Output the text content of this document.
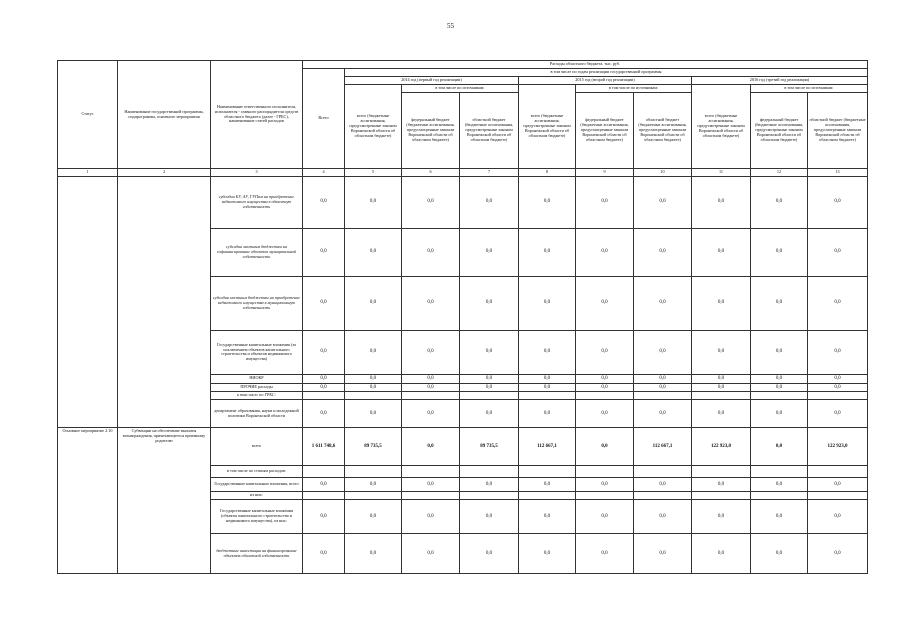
55
Статус	Наименование государственной программы, подпрограммы, основного мероприятия	Наименование ответственного исполнителя, исполнителя - главного распорядителя средств областного бюджета (далее - ГРБС), наименование статей расходов	Расходы областного бюджета, тыс. руб.									
			Всего	в том числе по годам реализации государственной программы								
				2014 год (первый год реализации)			2015 год (второй год реализации)			2016 год (третий год реализации)		
				всего (бюджетные ассигнования, предусмотренные законом Воронежской области об областном бюджете)	в том числе по источникам:		всего (бюджетные ассигнования, предусмотренные законом Воронежской области об областном бюджете)	в том числе по источникам:		всего (бюджетные ассигнования, предусмотренные законом Воронежской области об областном бюджете)	в том числе по источникам:	
					федеральный бюджет (бюджетные ассигнования, предусмотренные законом Воронежской области об областном бюджете)	областной бюджет (бюджетные ассигнования, предусмотренные законом Воронежской области об областном бюджете)		федеральный бюджет (бюджетные ассигнования, предусмотренные законом Воронежской области об областном бюджете)	областной бюджет (бюджетные ассигнования, предусмотренные законом Воронежской области об областном бюджете)		федеральный бюджет (бюджетные ассигнования, предусмотренные законом Воронежской области об областном бюджете)	областной бюджет (бюджетные ассигнования, предусмотренные законом Воронежской области об областном бюджете)
1	2	3	4	5	6	7	8	9	10	11	12	13
		субсидии БУ, АУ, ГУПам на приобретение недвижимого имущества в областную собственность	0,0	0,0	0,0	0,0	0,0	0,0	0,0	0,0	0,0	0,0
		субсидии местным бюджетам на софинансирование объектов муниципальной собственности	0,0	0,0	0,0	0,0	0,0	0,0	0,0	0,0	0,0	0,0
		субсидии местным бюджетам на приобретение недвижимого имущества в муниципальную собственность	0,0	0,0	0,0	0,0	0,0	0,0	0,0	0,0	0,0	0,0
		Государственные капитальные вложения (за исключением объектов капитального строительства и объектов недвижимого имущества)	0,0	0,0	0,0	0,0	0,0	0,0	0,0	0,0	0,0	0,0
		НИОКР	0,0	0,0	0,0	0,0	0,0	0,0	0,0	0,0	0,0	0,0
		ПРОЧИЕ расходы	0,0	0,0	0,0	0,0	0,0	0,0	0,0	0,0	0,0	0,0
		в том числе по ГРБС:										
		департамент образования, науки и молодежной политики Воронежской области	0,0	0,0	0,0	0,0	0,0	0,0	0,0	0,0	0,0	0,0
Основное мероприятие 2.10	Субвенции на обеспечение выплаты вознаграждения, причитающегося приемному родителю	всего	1 611 748,6	89 735,5	0,0	89 735,5	112 667,1	0,0	112 667,1	122 923,0	0,0	122 923,0
		в том числе по статьям расходов:										
		Государственные капитальные вложения, всего	0,0	0,0	0,0	0,0	0,0	0,0	0,0	0,0	0,0	0,0
		из них:										
		Государственные капитальные вложения (объекты капитального строительства и недвижимого имущества), из них:	0,0	0,0	0,0	0,0	0,0	0,0	0,0	0,0	0,0	0,0
		бюджетные инвестиции на финансирование объектов областной собственности	0,0	0,0	0,0	0,0	0,0	0,0	0,0	0,0	0,0	0,0
